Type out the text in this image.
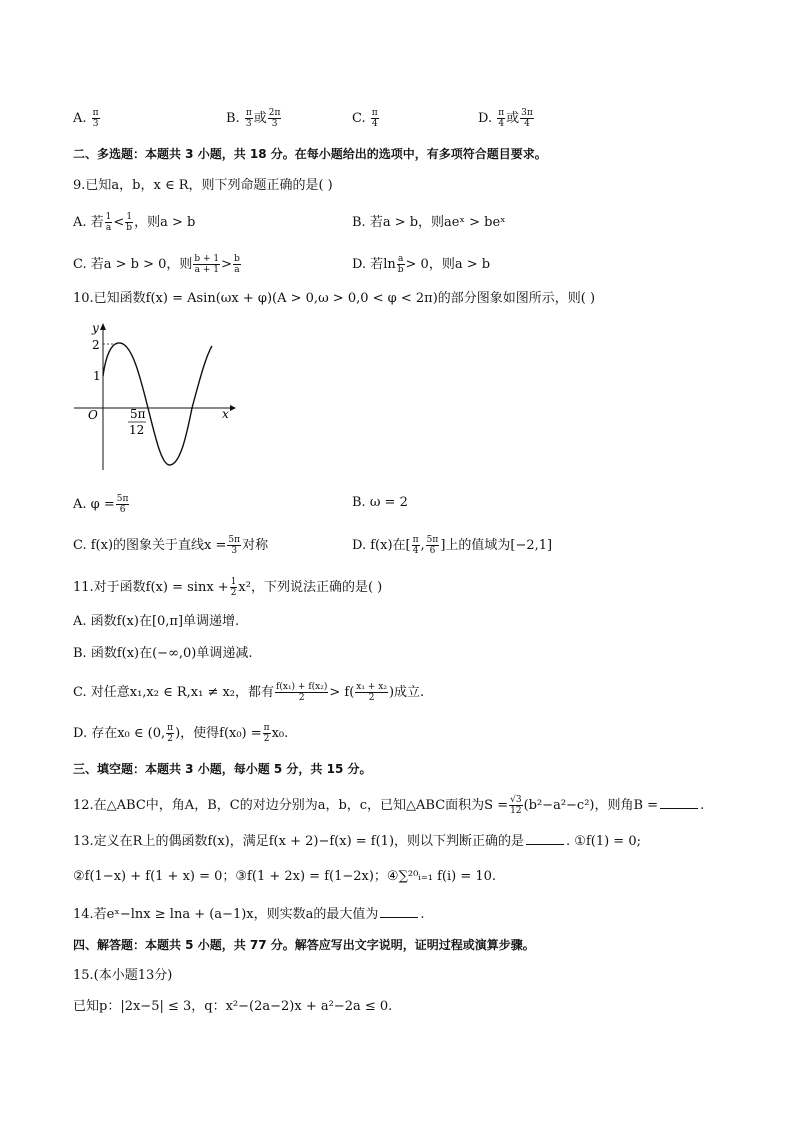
A. $\frac{\pi}{3}$	B. $\frac{\pi}{3}$ 或 $\frac{2\pi}{3}$	C. $\frac{\pi}{4}$	D. $\frac{\pi}{4}$ 或 $\frac{3\pi}{4}$
二、多选题：本题共 3 小题，共 18 分。在每小题给出的选项中，有多项符合题目要求。
9.已知a，b，x ∈ R，则下列命题正确的是( )
A. 若 $\frac{1}{a} < \frac{1}{b}$ ，则a > b	B. 若a > b，则aeˣ > beˣ
C. 若a > b > 0，则 $\frac{b + 1}{a + 1} > \frac{b}{a}$	D. 若$\ln \frac{a}{b} > 0$，则a > b
10.已知函数f(x) = Asin(ωx + φ)(A > 0,ω > 0,0 < φ < 2π)的部分图象如图所示，则( )
y
x
O
2
1
5π
12
A. $\varphi = \frac{5\pi}{6}$	B. ω = 2
C. f(x)的图象关于直线$x = \frac{5\pi}{3}$ 对称	D. f(x)在[ $\frac{\pi}{4}$ , $\frac{5\pi}{6}$ ]上的值域为[−2,1]
11.对于函数$f(x) = \sin x + \frac{1}{2} x^2$，下列说法正确的是( )
A. 函数f(x)在[0,π]单调递增.
B. 函数f(x)在(−∞,0)单调递减.
C. 对任意x₁,x₂ ∈ R,x₁ ≠ x₂，都有 $\frac{\text{f(x₁) + f(x₂)}}{2} > f( \frac{\text{x₁ + x₂}}{2}$ )成立.
D. 存在x₀ ∈ (0, $\frac{\pi}{2}$ )，使得$f(x_0) = \frac{\pi}{2} x_0$.
三、填空题：本题共 3 小题，每小题 5 分，共 15 分。
12.在△ABC中，角A，B，C的对边分别为a，b，c，已知△ABC面积为$S = \frac{√3}{12} (b^2-a^2-c^2)$，则角B =	.
13.定义在R上的偶函数f(x)，满足f(x + 2)−f(x) = f(1)，则以下判断正确的是	. ①f(1) = 0;
②f(1−x) + f(1 + x) = 0；③f(1 + 2x) = f(1−2x)；④∑²⁰ᵢ₌₁ f(i) = 10.
14.若eˣ−lnx ≥ lna + (a−1)x，则实数a的最大值为	.
四、解答题：本题共 5 小题，共 77 分。解答应写出文字说明，证明过程或演算步骤。
15.(本小题13分)
已知p：|2x−5| ≤ 3，q：x²−(2a−2)x + a²−2a ≤ 0.
